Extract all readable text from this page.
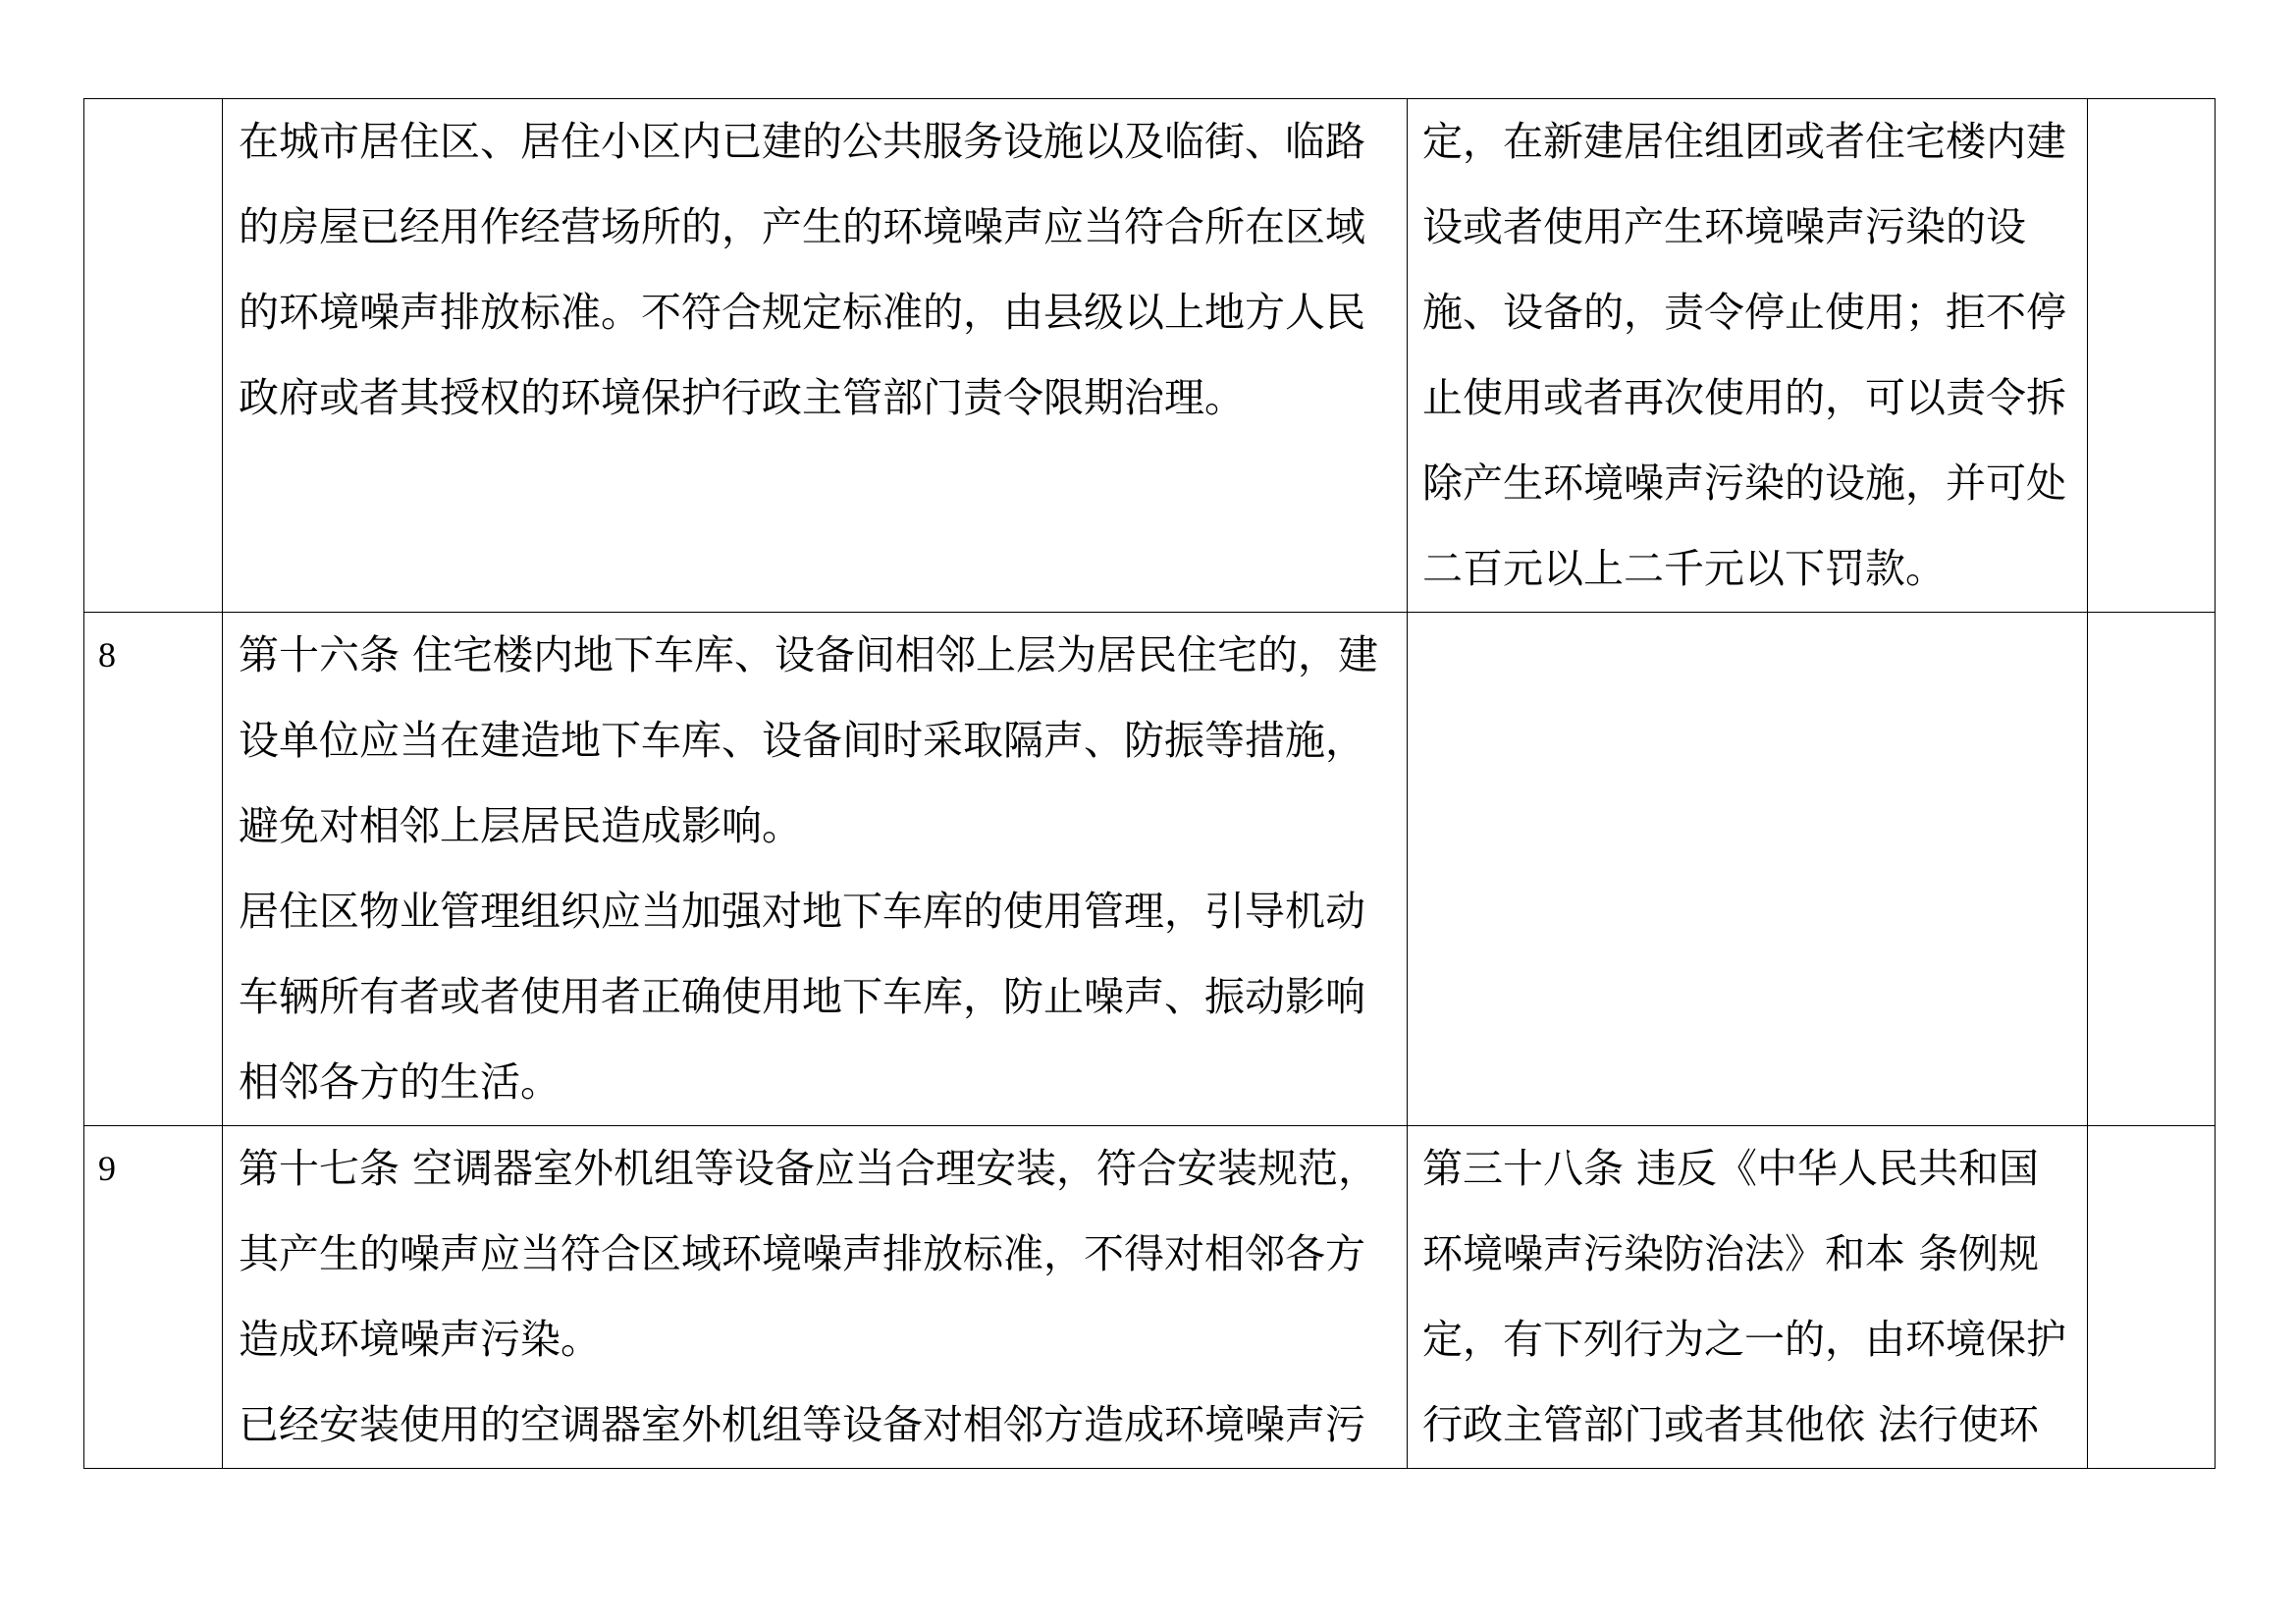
	在城市居住区、居住小区内已建的公共服务设施以及临街、临路的房屋已经用作经营场所的，产生的环境噪声应当符合所在区域的环境噪声排放标准。不符合规定标准的，由县级以上地方人民政府或者其授权的环境保护行政主管部门责令限期治理。	定，在新建居住组团或者住宅楼内建设或者使用产生环境噪声污染的设施、设备的，责令停止使用；拒不停止使用或者再次使用的，可以责令拆除产生环境噪声污染的设施，并可处二百元以上二千元以下罚款。	

8	第十六条 住宅楼内地下车库、设备间相邻上层为居民住宅的，建设单位应当在建造地下车库、设备间时采取隔声、防振等措施，避免对相邻上层居民造成影响。

居住区物业管理组织应当加强对地下车库的使用管理，引导机动车辆所有者或者使用者正确使用地下车库，防止噪声、振动影响相邻各方的生活。		

9	第十七条 空调器室外机组等设备应当合理安装，符合安装规范，其产生的噪声应当符合区域环境噪声排放标准，不得对相邻各方造成环境噪声污染。

已经安装使用的空调器室外机组等设备对相邻方造成环境噪声污	第三十八条 违反《中华人民共和国环境噪声污染防治法》和本 条例规定，有下列行为之一的，由环境保护行政主管部门或者其他依 法行使环	
